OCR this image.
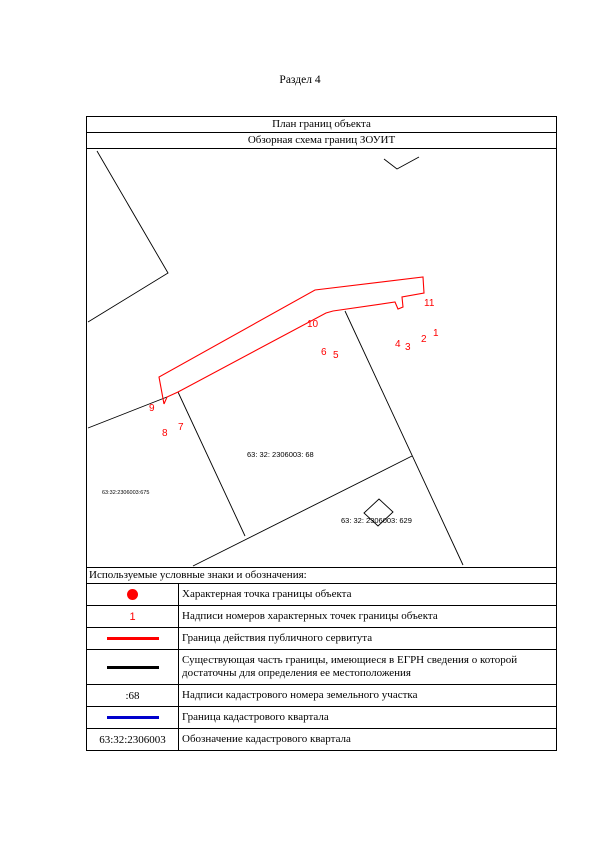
Раздел 4
План границ объекта
Обзорная схема границ ЗОУИТ
1
2
3
4
5
6
7
8
9
10
11
63: 32: 2306003: 68
63: 32: 2306003: 629
63:32:2306003:675
Используемые условные знаки и обозначения:
Характерная точка границы объекта
1	Надписи номеров характерных точек границы объекта
Граница действия публичного сервитута
Существующая часть границы, имеющиеся в ЕГРН сведения о которой достаточны для определения ее местоположения
:68	Надписи кадастрового номера земельного участка
Граница кадастрового квартала
63:32:2306003	Обозначение кадастрового квартала
